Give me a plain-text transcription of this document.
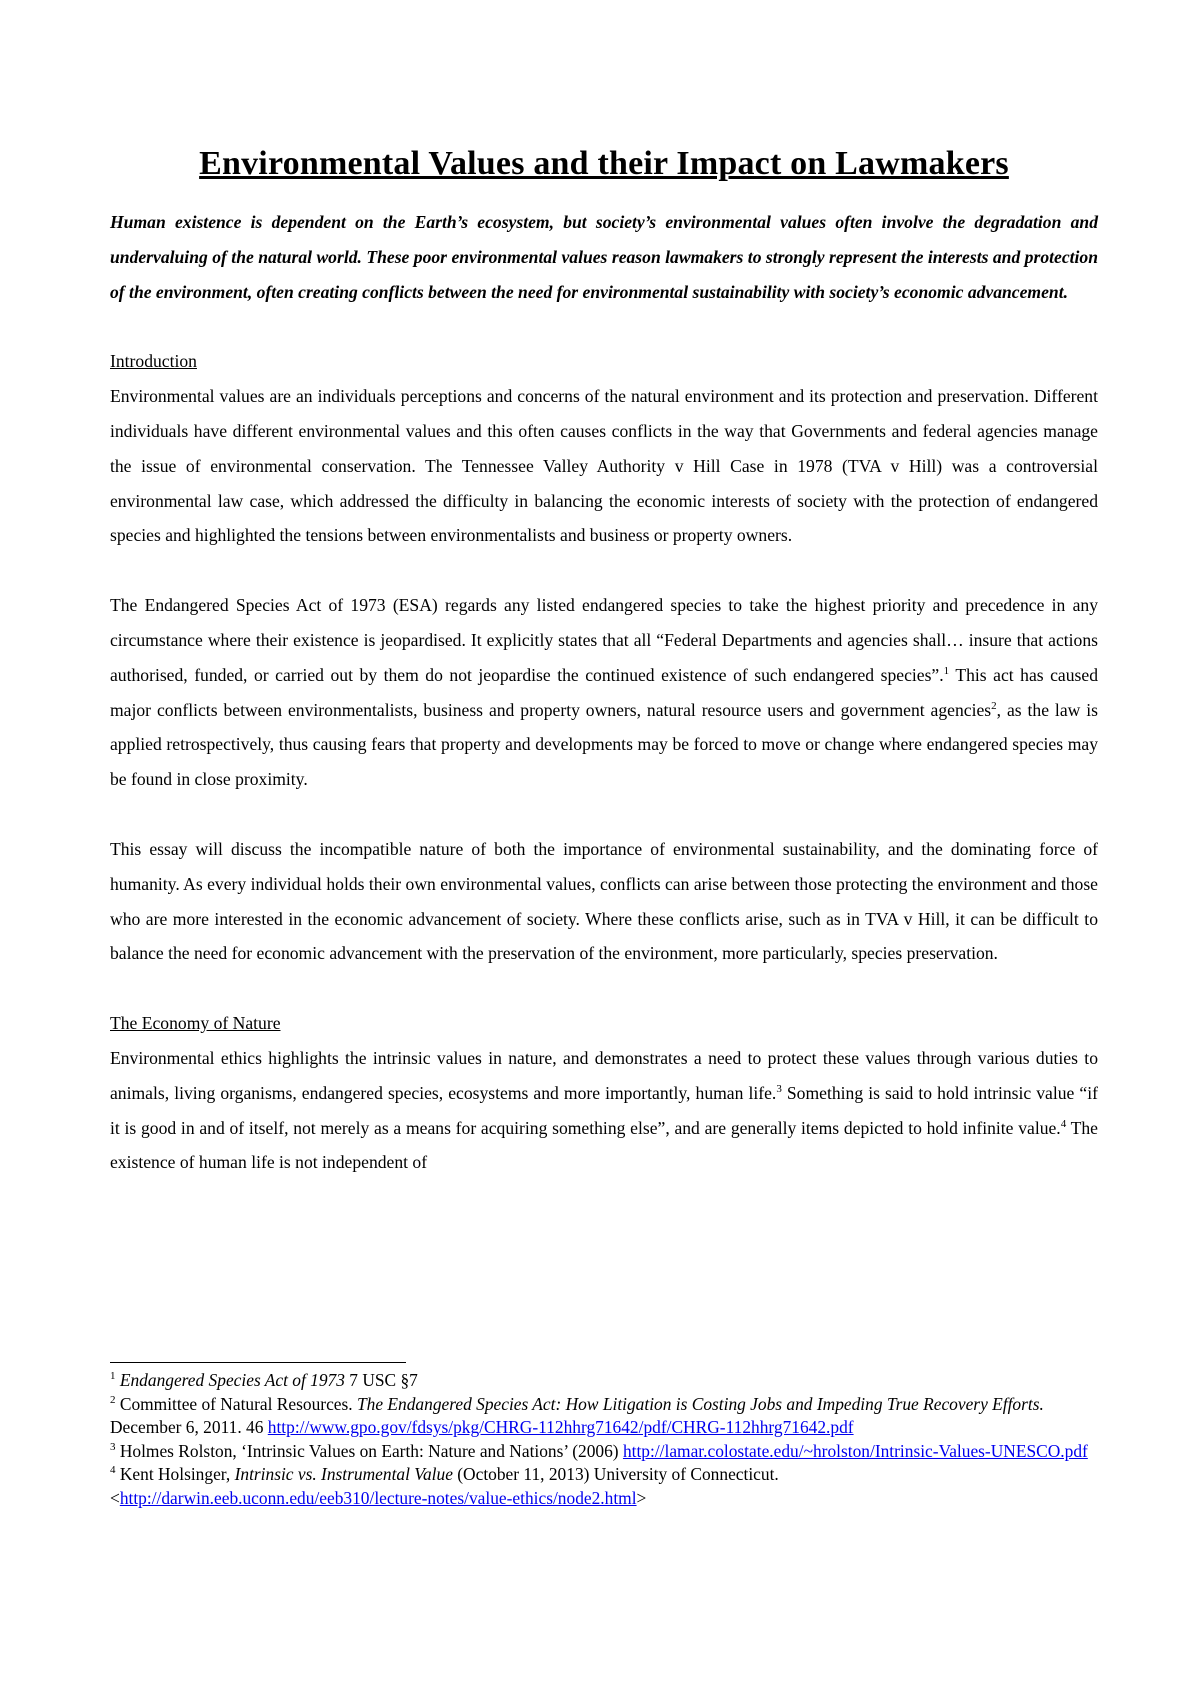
Environmental Values and their Impact on Lawmakers

Human existence is dependent on the Earth’s ecosystem, but society’s environmental values often involve the degradation and undervaluing of the natural world. These poor environmental values reason lawmakers to strongly represent the interests and protection of the environment, often creating conflicts between the need for environmental sustainability with society’s economic advancement.

Introduction

Environmental values are an individuals perceptions and concerns of the natural environment and its protection and preservation. Different individuals have different environmental values and this often causes conflicts in the way that Governments and federal agencies manage the issue of environmental conservation. The Tennessee Valley Authority v Hill Case in 1978 (TVA v Hill) was a controversial environmental law case, which addressed the difficulty in balancing the economic interests of society with the protection of endangered species and highlighted the tensions between environmentalists and business or property owners.

The Endangered Species Act of 1973 (ESA) regards any listed endangered species to take the highest priority and precedence in any circumstance where their existence is jeopardised. It explicitly states that all “Federal Departments and agencies shall… insure that actions authorised, funded, or carried out by them do not jeopardise the continued existence of such endangered species”.$^1$ This act has caused major conflicts between environmentalists, business and property owners, natural resource users and government agencies$^2$, as the law is applied retrospectively, thus causing fears that property and developments may be forced to move or change where endangered species may be found in close proximity.

This essay will discuss the incompatible nature of both the importance of environmental sustainability, and the dominating force of humanity. As every individual holds their own environmental values, conflicts can arise between those protecting the environment and those who are more interested in the economic advancement of society. Where these conflicts arise, such as in TVA v Hill, it can be difficult to balance the need for economic advancement with the preservation of the environment, more particularly, species preservation.

The Economy of Nature

Environmental ethics highlights the intrinsic values in nature, and demonstrates a need to protect these values through various duties to animals, living organisms, endangered species, ecosystems and more importantly, human life.$^3$ Something is said to hold intrinsic value “if it is good in and of itself, not merely as a means for acquiring something else”, and are generally items depicted to hold infinite value.$^4$ The existence of human life is not independent of

$^1$ Endangered Species Act of 1973 7 USC §7

$^2$ Committee of Natural Resources. The Endangered Species Act: How Litigation is Costing Jobs and Impeding True Recovery Efforts. December 6, 2011. 46 http://www.gpo.gov/fdsys/pkg/CHRG-112hhrg71642/pdf/CHRG-112hhrg71642.pdf

$^3$ Holmes Rolston, ‘Intrinsic Values on Earth: Nature and Nations’ (2006) http://lamar.colostate.edu/~hrolston/Intrinsic-Values-UNESCO.pdf

$^4$ Kent Holsinger, Intrinsic vs. Instrumental Value (October 11, 2013) University of Connecticut.
<http://darwin.eeb.uconn.edu/eeb310/lecture-notes/value-ethics/node2.html>
